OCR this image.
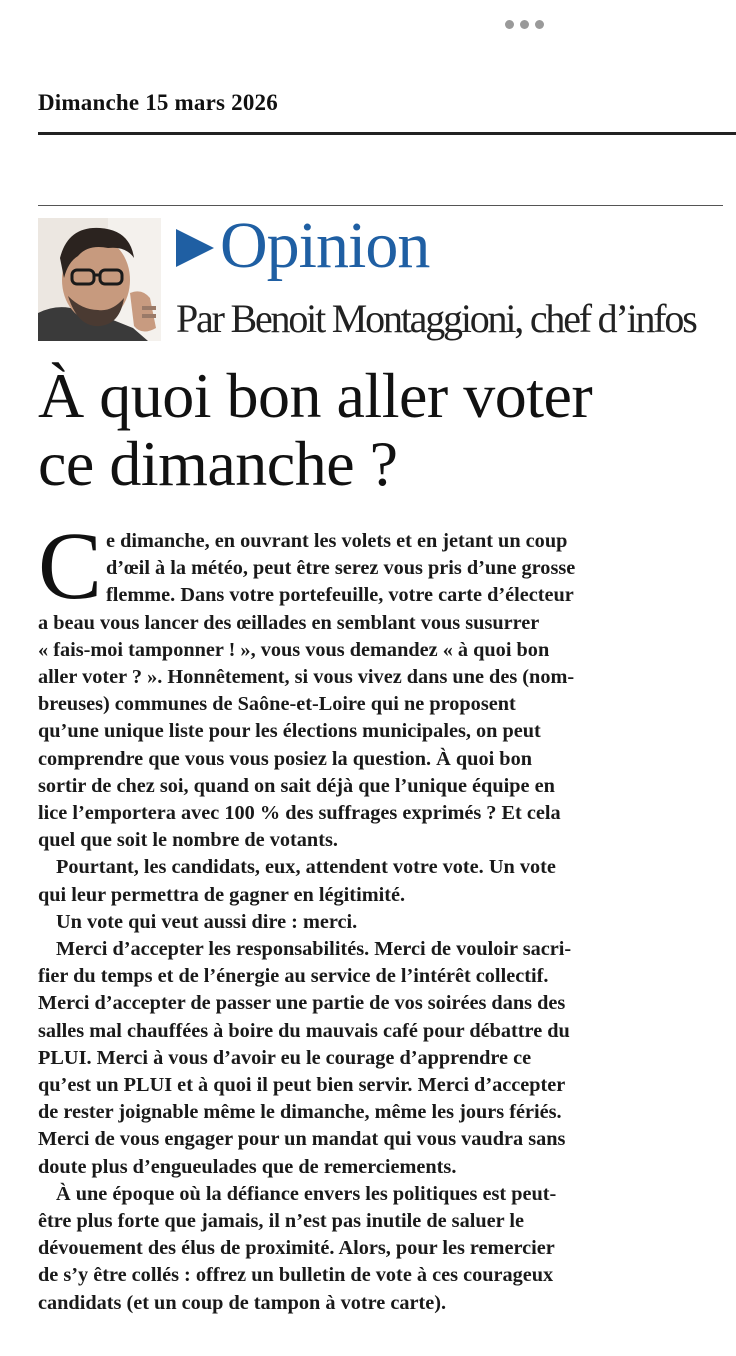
Dimanche 15 mars 2026
Opinion
Par Benoit Montaggioni, chef d’infos
À quoi bon aller voter
ce dimanche ?

C e dimanche, en ouvrant les volets et en jetant un coup
d’œil à la météo, peut être serez vous pris d’une grosse
flemme. Dans votre portefeuille, votre carte d’électeur
a beau vous lancer des œillades en semblant vous susurrer
« fais-moi tamponner ! », vous vous demandez « à quoi bon
aller voter ? ». Honnêtement, si vous vivez dans une des (nom-
breuses) communes de Saône-et-Loire qui ne proposent
qu’une unique liste pour les élections municipales, on peut
comprendre que vous vous posiez la question. À quoi bon
sortir de chez soi, quand on sait déjà que l’unique équipe en
lice l’emportera avec 100 % des suffrages exprimés ? Et cela
quel que soit le nombre de votants.

Pourtant, les candidats, eux, attendent votre vote. Un vote
qui leur permettra de gagner en légitimité.

Un vote qui veut aussi dire : merci.

Merci d’accepter les responsabilités. Merci de vouloir sacri-
fier du temps et de l’énergie au service de l’intérêt collectif.
Merci d’accepter de passer une partie de vos soirées dans des
salles mal chauffées à boire du mauvais café pour débattre du
PLUI. Merci à vous d’avoir eu le courage d’apprendre ce
qu’est un PLUI et à quoi il peut bien servir. Merci d’accepter
de rester joignable même le dimanche, même les jours fériés.
Merci de vous engager pour un mandat qui vous vaudra sans
doute plus d’engueulades que de remerciements.

À une époque où la défiance envers les politiques est peut-
être plus forte que jamais, il n’est pas inutile de saluer le
dévouement des élus de proximité. Alors, pour les remercier
de s’y être collés : offrez un bulletin de vote à ces courageux
candidats (et un coup de tampon à votre carte).
